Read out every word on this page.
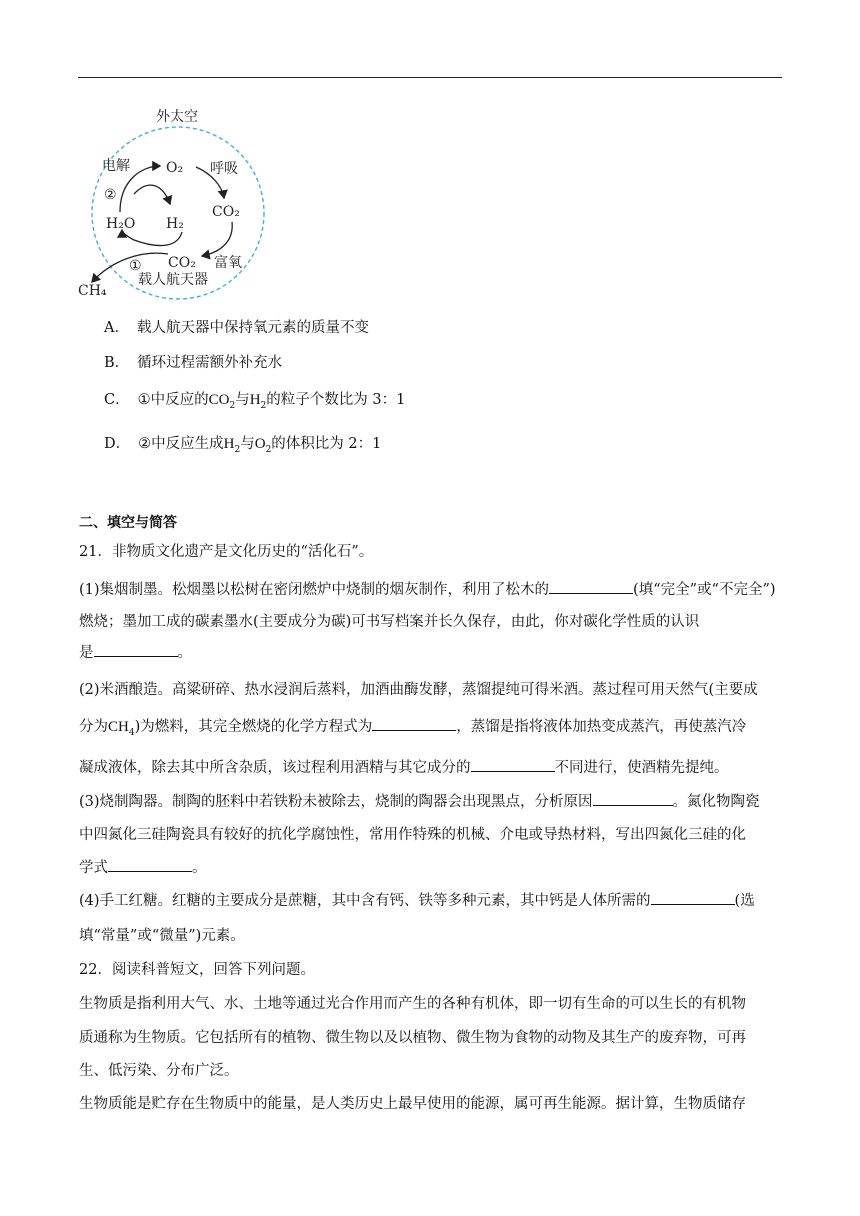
外太空
电解	呼吸
②
①	富氧
载人航天器
O₂
H₂O H₂
CO₂
CO₂
CH₄
A． 载人航天器中保持氧元素的质量不变
B． 循环过程需额外补充水
C． ①中反应的$CO_2$与$H_2$的粒子个数比为 3：1
D． ②中反应生成$H_2$与$O_2$的体积比为 2：1
二、填空与简答
21．非物质文化遗产是文化历史的“活化石”。
(1)集烟制墨。松烟墨以松树在密闭燃炉中烧制的烟灰制作，利用了松木的	(填“完全”或“不完全”)
燃烧；墨加工成的碳素墨水(主要成分为碳)可书写档案并长久保存，由此，你对碳化学性质的认识
是	。
(2)米酒酿造。高粱研碎、热水浸润后蒸料，加酒曲酶发酵，蒸馏提纯可得米酒。蒸过程可用天然气(主要成
分为$CH_4$)为燃料，其完全燃烧的化学方程式为	，蒸馏是指将液体加热变成蒸汽，再使蒸汽冷
凝成液体，除去其中所含杂质，该过程利用酒精与其它成分的	不同进行，使酒精先提纯。
(3)烧制陶器。制陶的胚料中若铁粉未被除去，烧制的陶器会出现黑点，分析原因	。氮化物陶瓷
中四氮化三硅陶瓷具有较好的抗化学腐蚀性，常用作特殊的机械、介电或导热材料，写出四氮化三硅的化
学式	。
(4)手工红糖。红糖的主要成分是蔗糖，其中含有钙、铁等多种元素，其中钙是人体所需的	(选
填“常量”或“微量”)元素。
22．阅读科普短文，回答下列问题。
生物质是指利用大气、水、土地等通过光合作用而产生的各种有机体，即一切有生命的可以生长的有机物
质通称为生物质。它包括所有的植物、微生物以及以植物、微生物为食物的动物及其生产的废弃物，可再
生、低污染、分布广泛。
生物质能是贮存在生物质中的能量，是人类历史上最早使用的能源，属可再生能源。据计算，生物质储存
